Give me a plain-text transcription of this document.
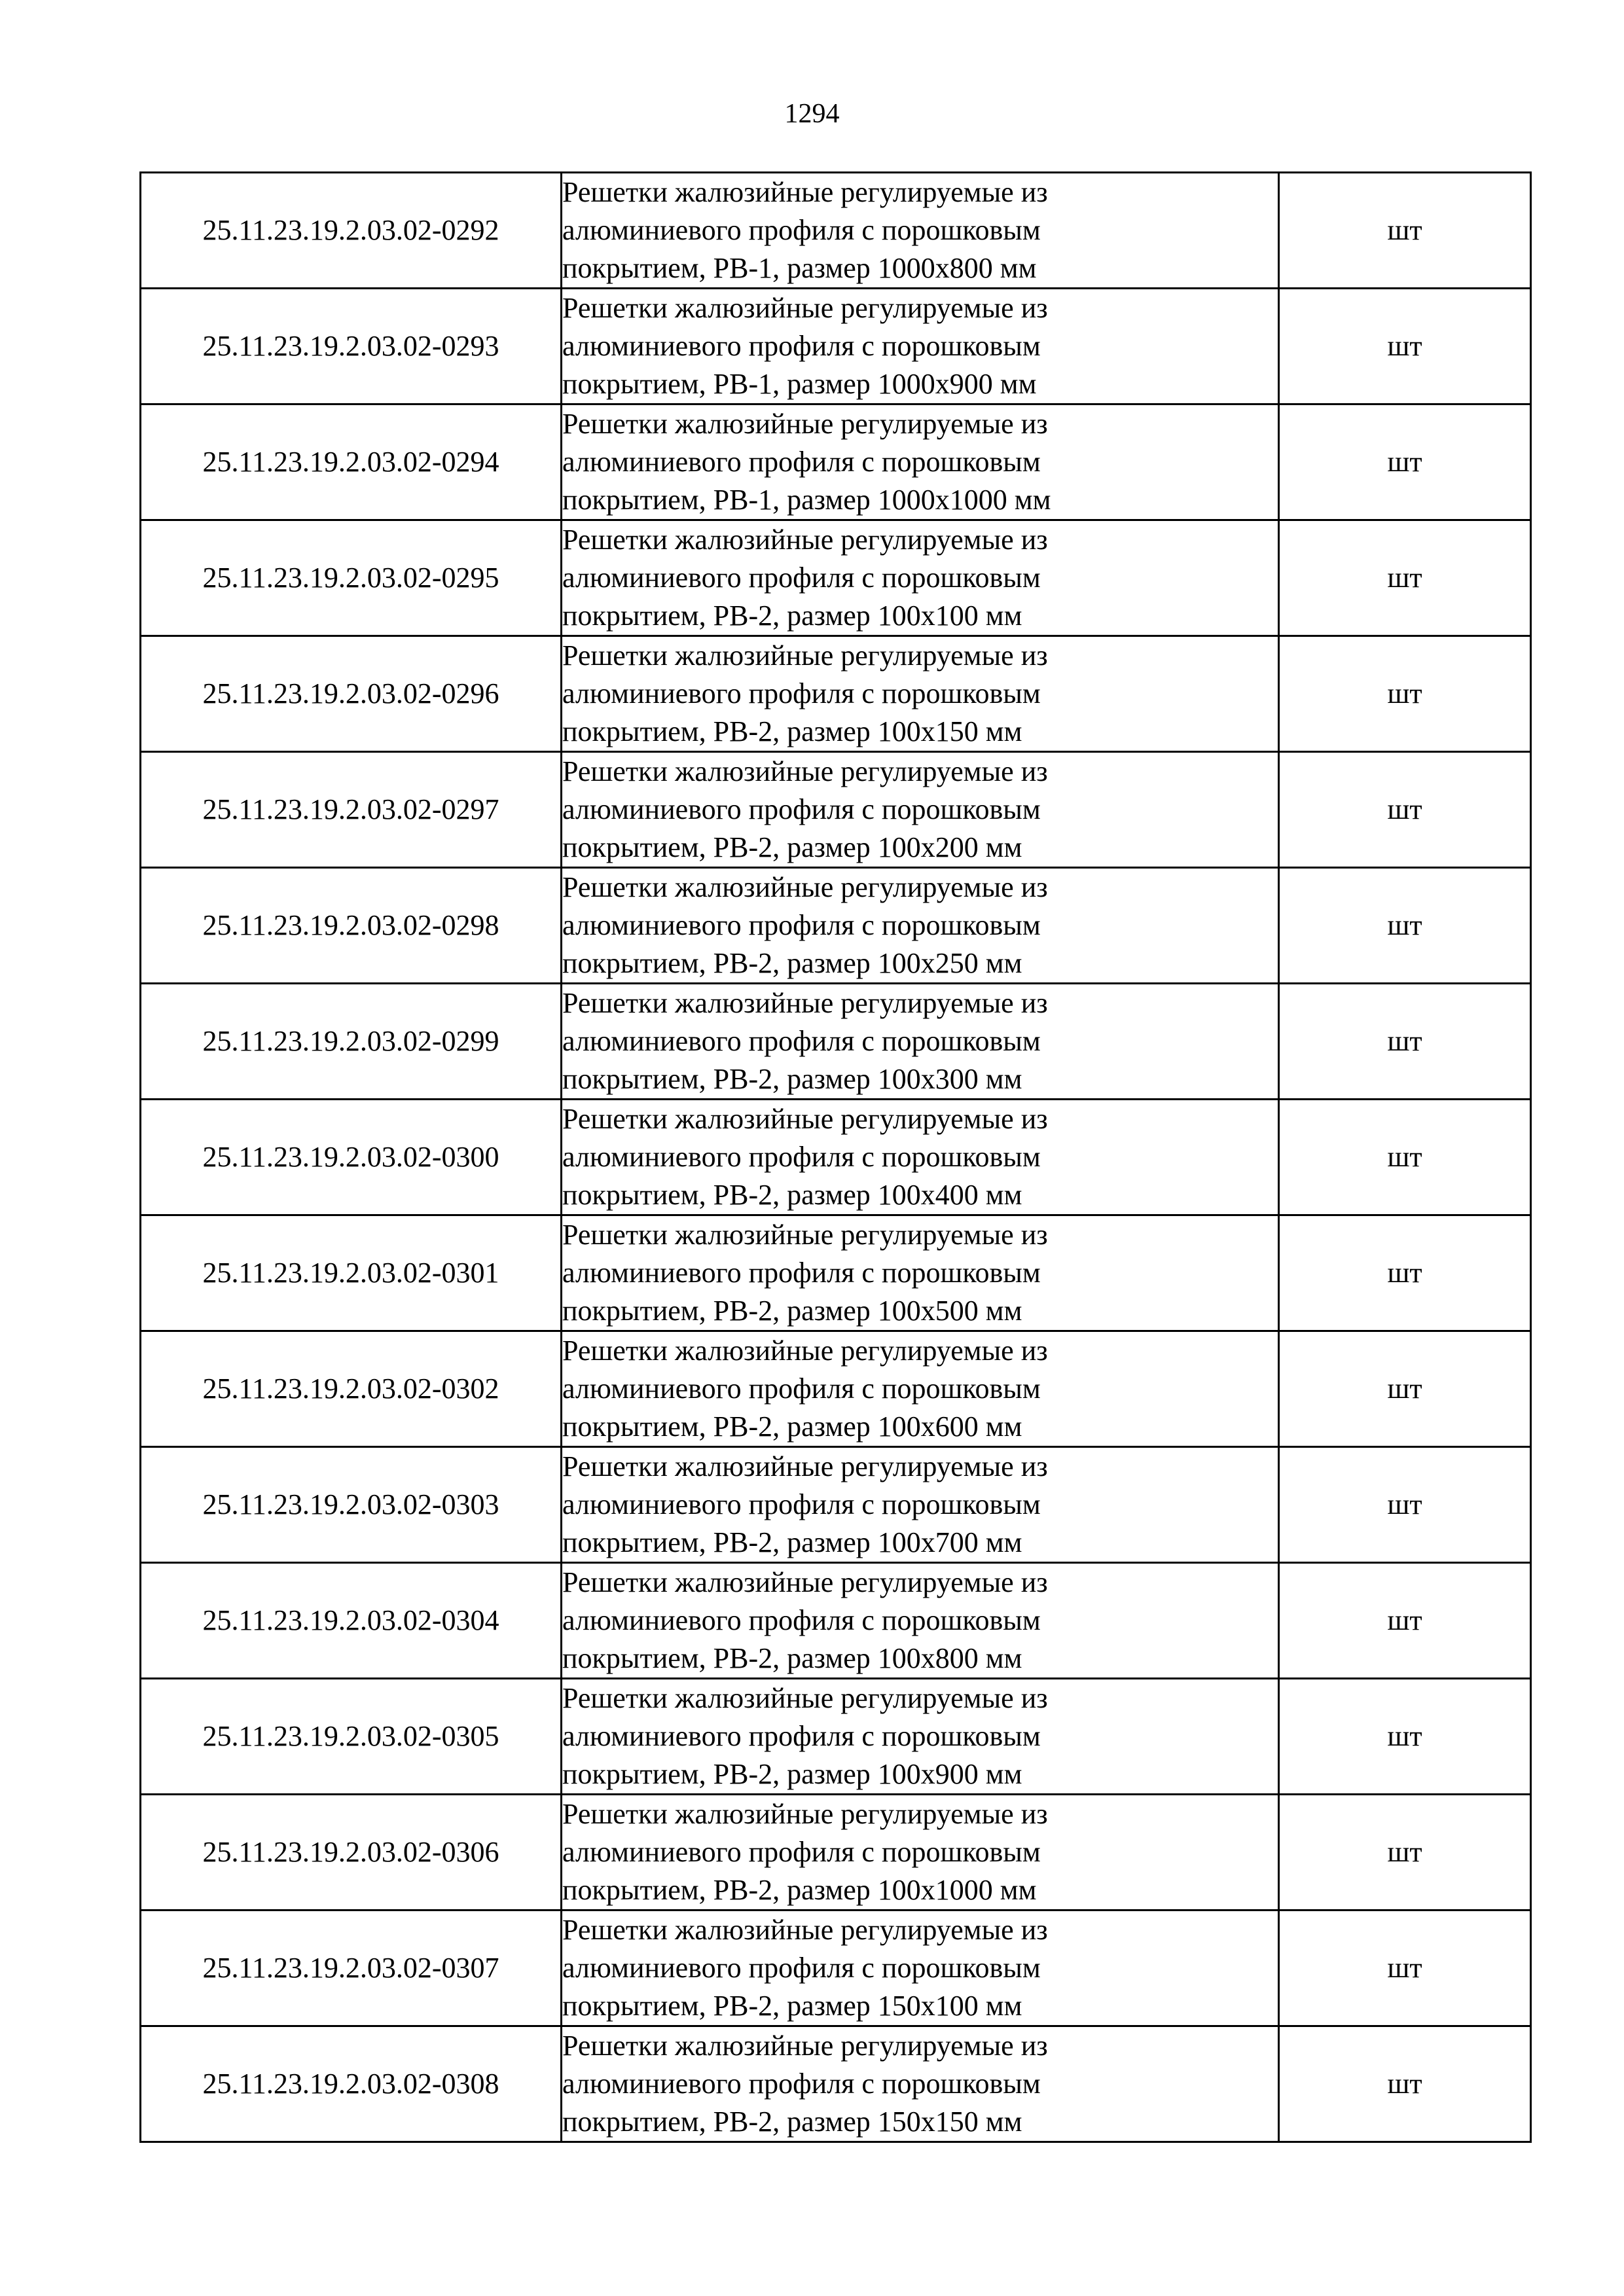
1294
25.11.23.19.2.03.02-0292	Решетки жалюзийные регулируемые из
алюминиевого профиля с порошковым
покрытием, РВ-1, размер 1000х800 мм	шт
25.11.23.19.2.03.02-0293	Решетки жалюзийные регулируемые из
алюминиевого профиля с порошковым
покрытием, РВ-1, размер 1000х900 мм	шт
25.11.23.19.2.03.02-0294	Решетки жалюзийные регулируемые из
алюминиевого профиля с порошковым
покрытием, РВ-1, размер 1000х1000 мм	шт
25.11.23.19.2.03.02-0295	Решетки жалюзийные регулируемые из
алюминиевого профиля с порошковым
покрытием, РВ-2, размер 100х100 мм	шт
25.11.23.19.2.03.02-0296	Решетки жалюзийные регулируемые из
алюминиевого профиля с порошковым
покрытием, РВ-2, размер 100х150 мм	шт
25.11.23.19.2.03.02-0297	Решетки жалюзийные регулируемые из
алюминиевого профиля с порошковым
покрытием, РВ-2, размер 100х200 мм	шт
25.11.23.19.2.03.02-0298	Решетки жалюзийные регулируемые из
алюминиевого профиля с порошковым
покрытием, РВ-2, размер 100х250 мм	шт
25.11.23.19.2.03.02-0299	Решетки жалюзийные регулируемые из
алюминиевого профиля с порошковым
покрытием, РВ-2, размер 100х300 мм	шт
25.11.23.19.2.03.02-0300	Решетки жалюзийные регулируемые из
алюминиевого профиля с порошковым
покрытием, РВ-2, размер 100х400 мм	шт
25.11.23.19.2.03.02-0301	Решетки жалюзийные регулируемые из
алюминиевого профиля с порошковым
покрытием, РВ-2, размер 100х500 мм	шт
25.11.23.19.2.03.02-0302	Решетки жалюзийные регулируемые из
алюминиевого профиля с порошковым
покрытием, РВ-2, размер 100х600 мм	шт
25.11.23.19.2.03.02-0303	Решетки жалюзийные регулируемые из
алюминиевого профиля с порошковым
покрытием, РВ-2, размер 100х700 мм	шт
25.11.23.19.2.03.02-0304	Решетки жалюзийные регулируемые из
алюминиевого профиля с порошковым
покрытием, РВ-2, размер 100х800 мм	шт
25.11.23.19.2.03.02-0305	Решетки жалюзийные регулируемые из
алюминиевого профиля с порошковым
покрытием, РВ-2, размер 100х900 мм	шт
25.11.23.19.2.03.02-0306	Решетки жалюзийные регулируемые из
алюминиевого профиля с порошковым
покрытием, РВ-2, размер 100х1000 мм	шт
25.11.23.19.2.03.02-0307	Решетки жалюзийные регулируемые из
алюминиевого профиля с порошковым
покрытием, РВ-2, размер 150х100 мм	шт
25.11.23.19.2.03.02-0308	Решетки жалюзийные регулируемые из
алюминиевого профиля с порошковым
покрытием, РВ-2, размер 150х150 мм	шт
